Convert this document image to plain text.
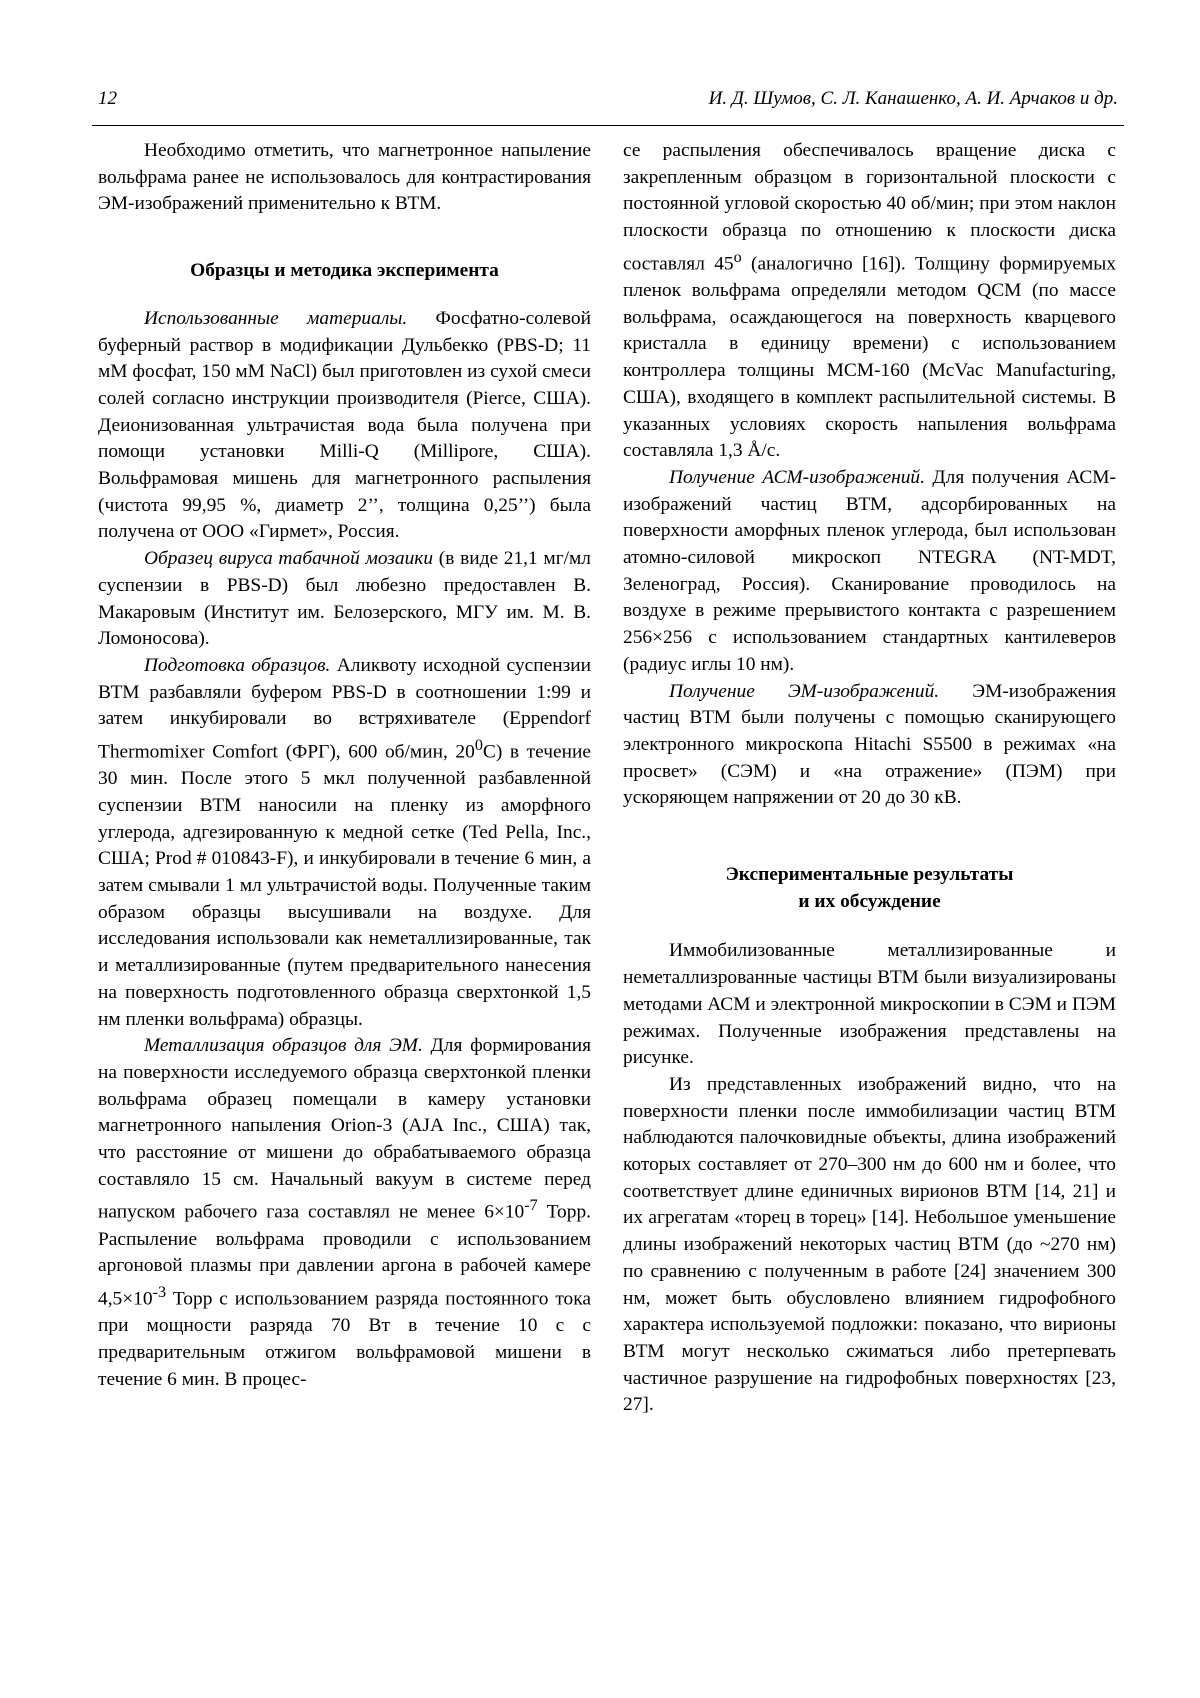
12	И. Д. Шумов, С. Л. Канашенко, А. И. Арчаков и др.

Необходимо отметить, что магнетронное напыление вольфрама ранее не использовалось для контрастирования ЭМ-изображений применительно к ВТМ.

Образцы и методика эксперимента

Использованные материалы. Фосфатно-солевой буферный раствор в модификации Дульбекко (PBS-D; 11 мМ фосфат, 150 мМ NaCl) был приготовлен из сухой смеси солей согласно инструкции производителя (Pierce, США). Деионизованная ультрачистая вода была получена при помощи установки Milli-Q (Millipore, США). Вольфрамовая мишень для магнетронного распыления (чистота 99,95 %, диаметр 2’’, толщина 0,25’’) была получена от ООО «Гирмет», Россия.

Образец вируса табачной мозаики (в виде 21,1 мг/мл суспензии в PBS-D) был любезно предоставлен В. Макаровым (Институт им. Белозерского, МГУ им. М. В. Ломоносова).

Подготовка образцов. Аликвоту исходной суспензии ВТМ разбавляли буфером PBS-D в соотношении 1:99 и затем инкубировали во встряхивателе (Eppendorf Thermomixer Comfort (ФРГ), 600 об/мин, $20^0С$) в течение 30 мин. После этого 5 мкл полученной разбавленной суспензии ВТМ наносили на пленку из аморфного углерода, адгезированную к медной сетке (Ted Pella, Inc., США; Prod # 010843-F), и инкубировали в течение 6 мин, а затем смывали 1 мл ультрачистой воды. Полученные таким образом образцы высушивали на воздухе. Для исследования использовали как неметаллизированные, так и металлизированные (путем предварительного нанесения на поверхность подготовленного образца сверхтонкой 1,5 нм пленки вольфрама) образцы.

Металлизация образцов для ЭМ. Для формирования на поверхности исследуемого образца сверхтонкой пленки вольфрама образец помещали в камеру установки магнетронного напыления Orion-3 (AJA Inc., США) так, что расстояние от мишени до обрабатываемого образца составляло 15 см. Начальный вакуум в системе перед напуском рабочего газа составлял не менее $6\times 10^{-7}$ Торр. Распыление вольфрама проводили с использованием аргоновой плазмы при давлении аргона в рабочей камере $4,5\times 10^{-3}$ Торр с использованием разряда постоянного тока при мощности разряда 70 Вт в течение 10 с с предварительным отжигом вольфрамовой мишени в течение 6 мин. В процес-

се распыления обеспечивалось вращение диска с закрепленным образцом в горизонтальной плоскости с постоянной угловой скоростью 40 об/мин; при этом наклон плоскости образца по отношению к плоскости диска составлял 45$^o$ (аналогично [16]). Толщину формируемых пленок вольфрама определяли методом QCM (по массе вольфрама, осаждающегося на поверхность кварцевого кристалла в единицу времени) с использованием контроллера толщины MCM-160 (McVac Manufacturing, США), входящего в комплект распылительной системы. В указанных условиях скорость напыления вольфрама составляла 1,3 Å/с.

Получение АСМ-изображений. Для получения АСМ-изображений частиц ВТМ, адсорбированных на поверхности аморфных пленок углерода, был использован атомно-силовой микроскоп NTEGRA (NT-MDT, Зеленоград, Россия). Сканирование проводилось на воздухе в режиме прерывистого контакта с разрешением 256×256 с использованием стандартных кантилеверов (радиус иглы 10 нм).

Получение ЭМ-изображений. ЭМ-изображения частиц ВТМ были получены с помощью сканирующего электронного микроскопа Hitachi S5500 в режимах «на просвет» (СЭМ) и «на отражение» (ПЭМ) при ускоряющем напряжении от 20 до 30 кВ.

Экспериментальные результаты
и их обсуждение

Иммобилизованные металлизированные и неметаллизрованные частицы ВТМ были визуализированы методами АСМ и электронной микроскопии в СЭМ и ПЭМ режимах. Полученные изображения представлены на рисунке.

Из представленных изображений видно, что на поверхности пленки после иммобилизации частиц ВТМ наблюдаются палочковидные объекты, длина изображений которых составляет от 270–300 нм до 600 нм и более, что соответствует длине единичных вирионов ВТМ [14, 21] и их агрегатам «торец в торец» [14]. Небольшое уменьшение длины изображений некоторых частиц ВТМ (до ~270 нм) по сравнению с полученным в работе [24] значением 300 нм, может быть обусловлено влиянием гидрофобного характера используемой подложки: показано, что вирионы ВТМ могут несколько сжиматься либо претерпевать частичное разрушение на гидрофобных поверхностях [23, 27].
